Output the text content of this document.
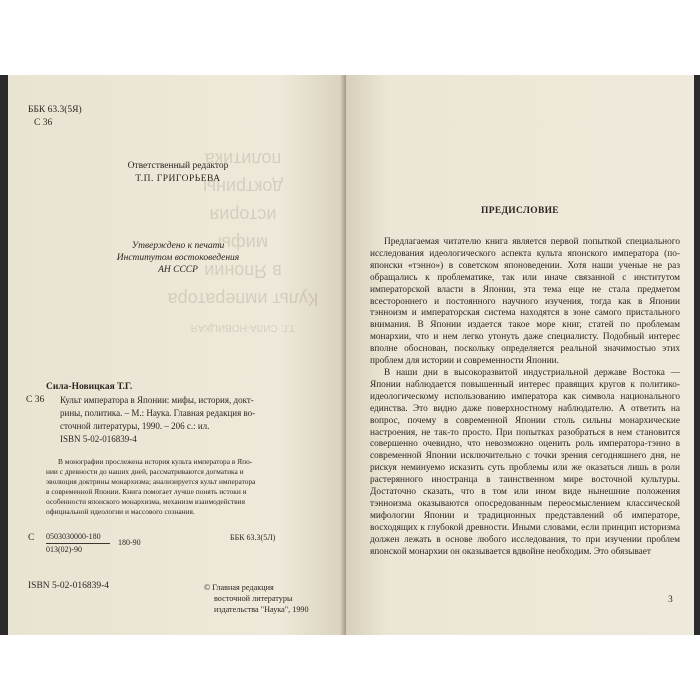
Т.Г. СИЛА-НОВИЦКАЯ
Культ императора
в Японии
мифы
история
доктрины
политика
ББК 63.3(5Я)
С 36
Ответственный редактор
Т.П. ГРИГОРЬЕВА
Утверждено к печати
Институтом востоковедения
АН СССР
Сила-Новицкая Т.Г.
С 36 Культ императора в Японии: мифы, история, докт-
рины, политика. – М.: Наука. Главная редакция во-
сточной литературы, 1990. – 206 с.: ил.
ISBN 5-02-016839-4
В монографии прослежена история культа императора в Япо-
нии с древности до наших дней, рассматриваются догматика и
эволюция доктрины монархизма; анализируется культ императора
в современной Японии. Книга помогает лучше понять истоки и
особенности японского монархизма, механизм взаимодействия
официальной идеологии и массового сознания.
С 0503030000-180
013(02)-90
180-90
ББК 63.3(5Л)
ISBN 5-02-016839-4	© Главная редакция
восточной литературы
издательства "Наука", 1990
ПРЕДИСЛОВИЕ

Предлагаемая читателю книга является первой попыткой специального исследования идеологического аспекта культа японского императора (по-японски «тэнно») в советском японоведении. Хотя наши ученые не раз обращались к проблематике, так или иначе связанной с институтом императорской власти в Японии, эта тема еще не стала предметом всестороннего и постоянного научного изучения, тогда как в Японии тэнноизм и императорская система находятся в зоне самого пристального внимания. В Японии издается такое море книг, статей по проблемам монархии, что и нем легко утонуть даже специалисту. Подобный интерес вполне обоснован, поскольку определяется реальной значимостью этих проблем для истории и современности Японии.

В наши дни в высокоразвитой индустриальной державе Востока — Японии наблюдается повышенный интерес правящих кругов к политико-идеологическому использованию императора как символа национального единства. Это видно даже поверхностному наблюдателю. А ответить на вопрос, почему в современной Японии столь сильны монархические настроения, не так-то просто. При попытках разобраться в нем становится совершенно очевидно, что невозможно оценить роль императора-тэнно в современной Японии исключительно с точки зрения сегодняшнего дня, не рискуя неминуемо исказить суть проблемы или же оказаться лишь в роли растерянного иностранца в таинственном мире восточной культуры. Достаточно сказать, что в том или ином виде нынешние положения тэнноизма оказываются опосредованным переосмыслением классической мифологии Японии и традиционных представлений об императоре, восходящих к глубокой древности. Иными словами, если принцип историзма должен лежать в основе любого исследования, то при изучении проблем японской монархии он оказывается вдвойне необходим. Это обязывает

3
